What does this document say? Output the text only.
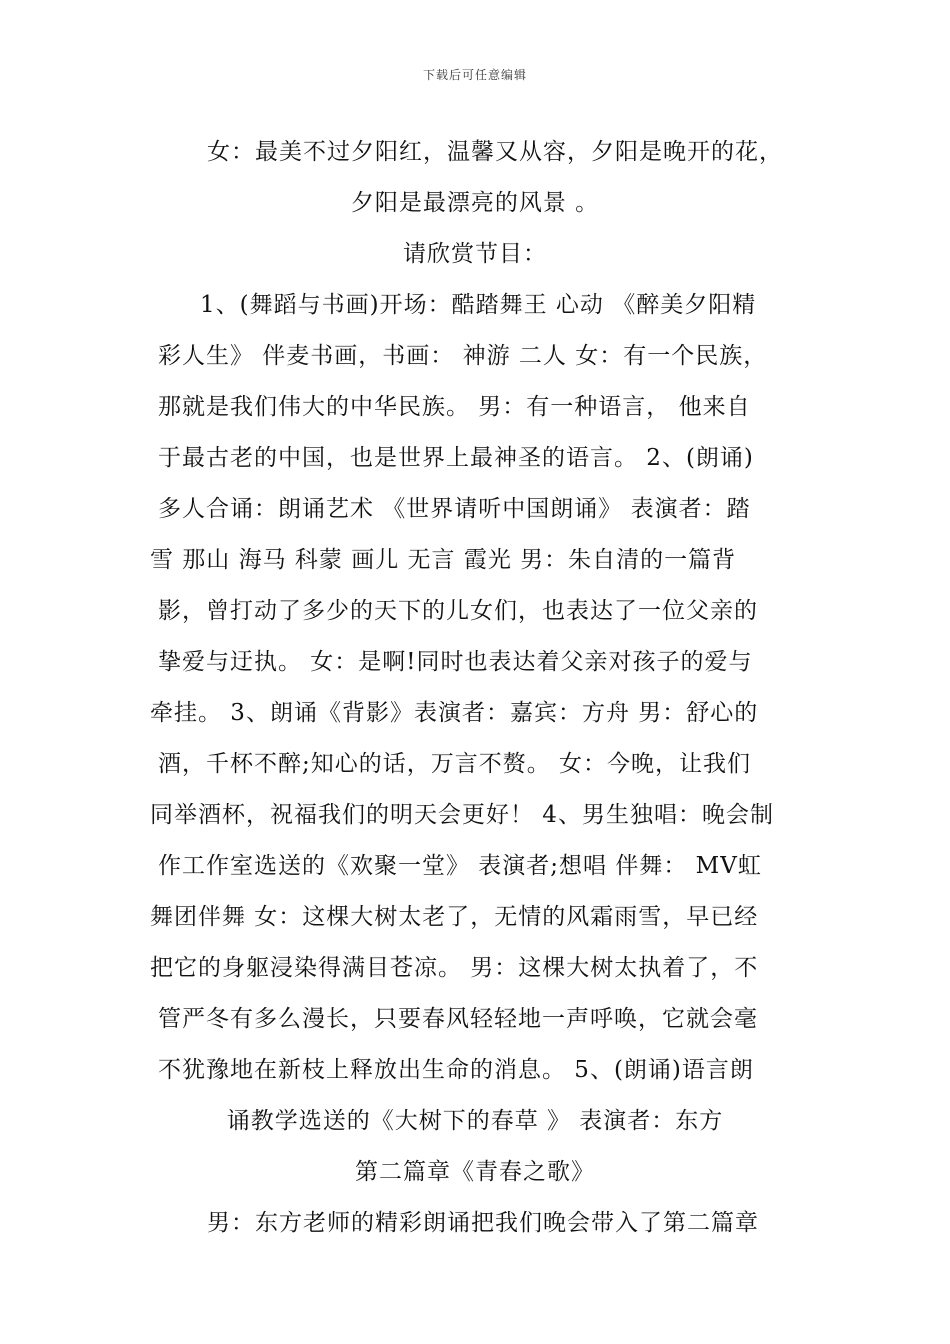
下载后可任意编辑
女：最美不过夕阳红，温馨又从容，夕阳是晚开的花，
夕阳是最漂亮的风景 。
请欣赏节目：
1、(舞蹈与书画)开场：酷踏舞王 心动 《醉美夕阳精
彩人生》 伴麦书画，书画： 神游 二人 女：有一个民族，
那就是我们伟大的中华民族。 男：有一种语言， 他来自
于最古老的中国，也是世界上最神圣的语言。 2、(朗诵)
多人合诵：朗诵艺术 《世界请听中国朗诵》 表演者：踏
雪 那山 海马 科蒙 画儿 无言 霞光 男：朱自清的一篇背
影，曾打动了多少的天下的儿女们，也表达了一位父亲的
挚爱与迂执。 女：是啊!同时也表达着父亲对孩子的爱与
牵挂。 3、朗诵《背影》表演者：嘉宾：方舟 男：舒心的
酒，千杯不醉;知心的话，万言不赘。 女：今晚，让我们
同举酒杯，祝福我们的明天会更好！ 4、男生独唱：晚会制
作工作室选送的《欢聚一堂》 表演者;想唱 伴舞： MV虹
舞团伴舞 女：这棵大树太老了，无情的风霜雨雪，早已经
把它的身躯浸染得满目苍凉。 男：这棵大树太执着了，不
管严冬有多么漫长，只要春风轻轻地一声呼唤，它就会毫
不犹豫地在新枝上释放出生命的消息。 5、(朗诵)语言朗
诵教学选送的《大树下的春草 》 表演者：东方
第二篇章《青春之歌》
男：东方老师的精彩朗诵把我们晚会带入了第二篇章
